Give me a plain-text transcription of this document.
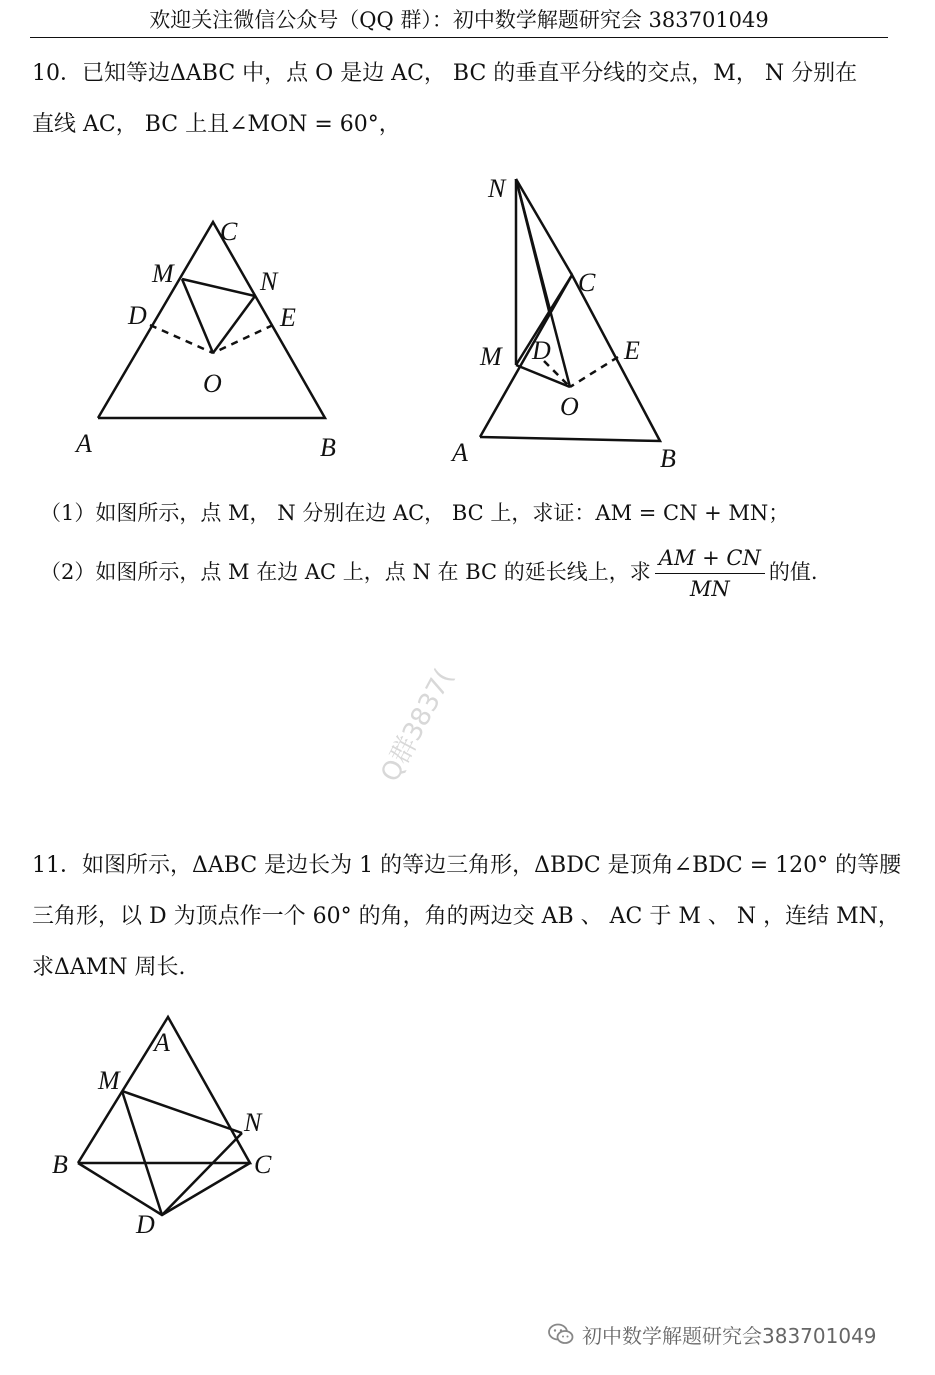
欢迎关注微信公众号（QQ 群）：初中数学解题研究会 383701049
10．已知等边ΔABC 中，点 O 是边 AC， BC 的垂直平分线的交点，M， N 分别在
直线 AC， BC 上且∠MON = 60°，
C
M	N
D	E
O
A	B
N
C
M D	E
O
A	B
（1）如图所示，点 M， N 分别在边 AC， BC 上，求证：AM = CN + MN；
（2）如图所示，点 M 在边 AC 上，点 N 在 BC 的延长线上，求 $\frac{AM + CN}{MN}$ 的值.
Q群3837(
11．如图所示，ΔABC 是边长为 1 的等边三角形，ΔBDC 是顶角∠BDC = 120° 的等腰
三角形，以 D 为顶点作一个 60° 的角，角的两边交 AB 、 AC 于 M 、 N ，连结 MN，
求ΔAMN 周长.
A
M
N
B	C
D
初中数学解题研究会383701049
